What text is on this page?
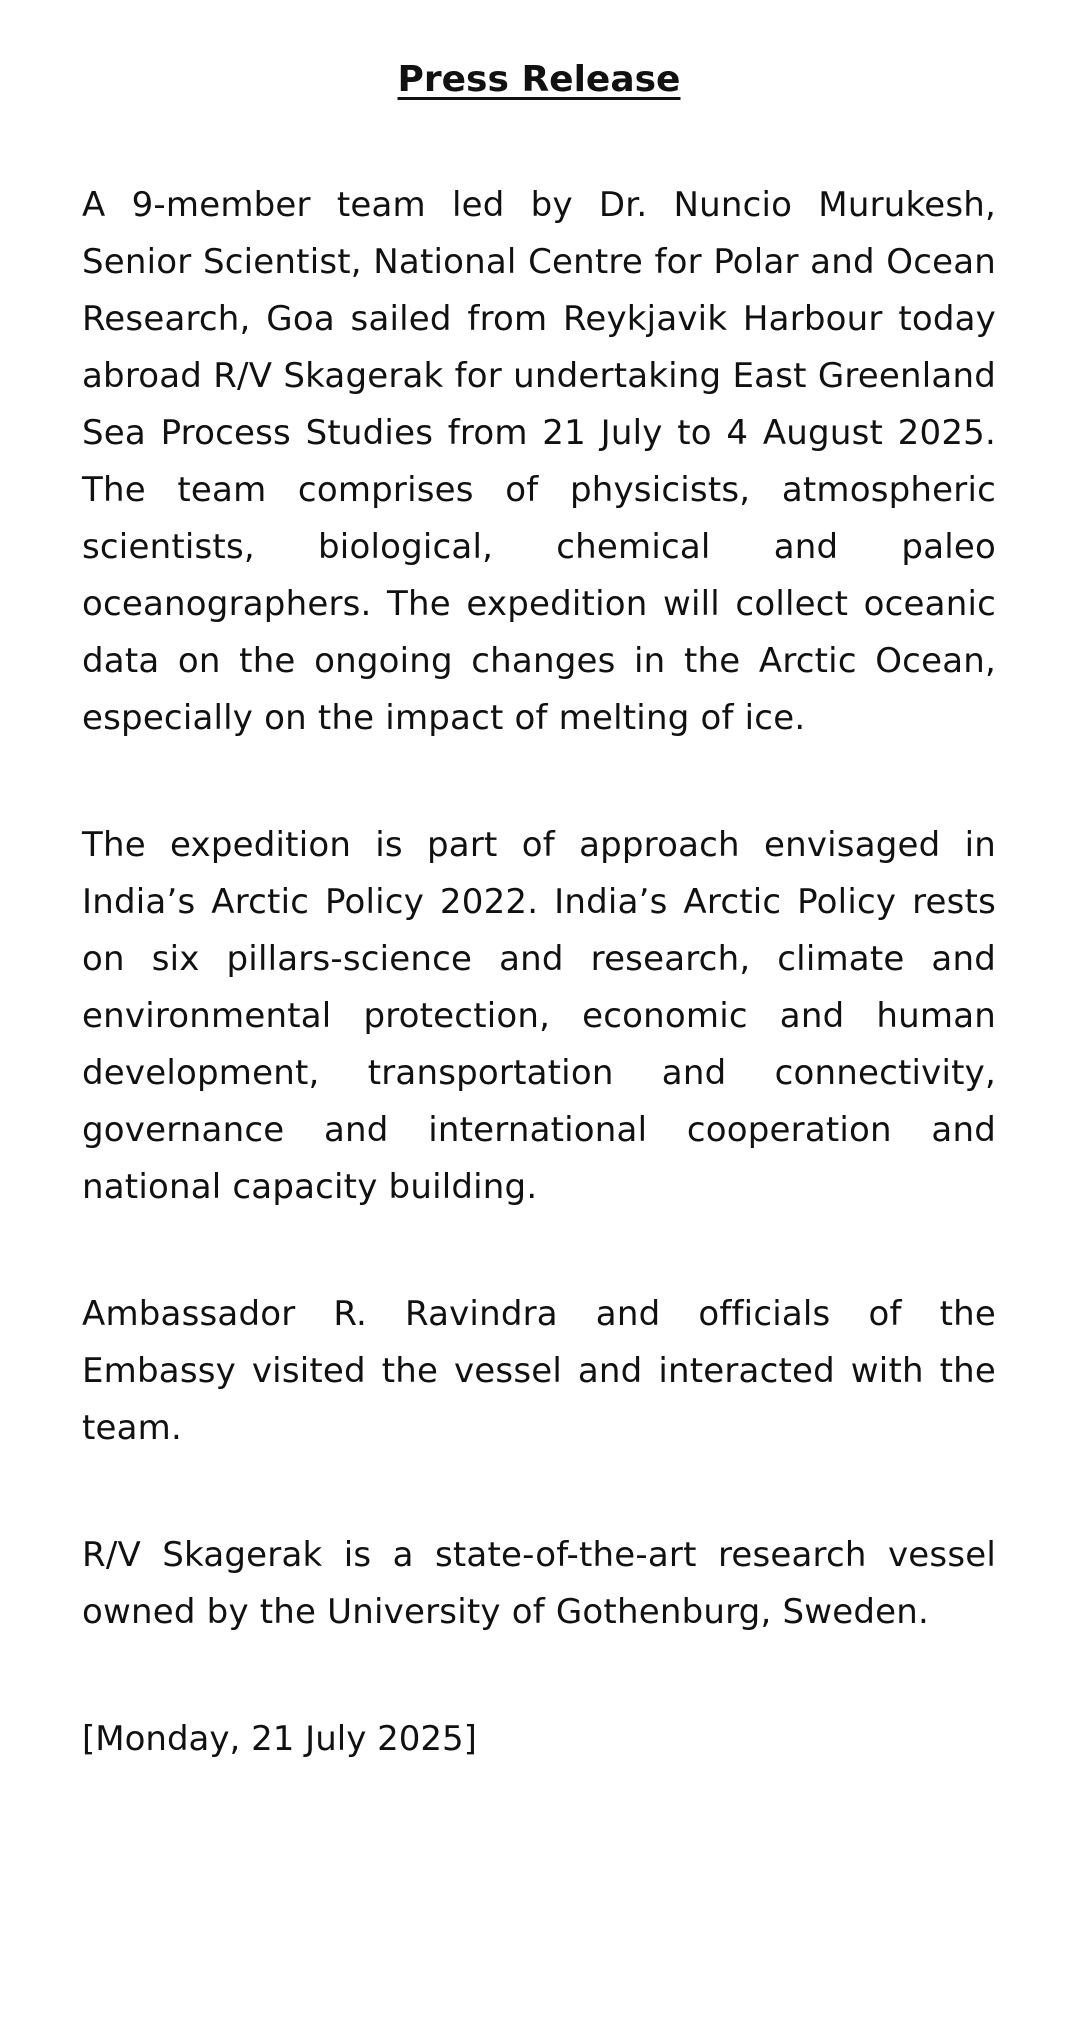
Press Release

A 9-member team led by Dr. Nuncio Murukesh, Senior Scientist, National Centre for Polar and Ocean Research, Goa sailed from Reykjavik Harbour today abroad R/V Skagerak for undertaking East Greenland Sea Process Studies from 21 July to 4 August 2025. The team comprises of physicists, atmospheric scientists, biological, chemical and paleo oceanographers. The expedition will collect oceanic data on the ongoing changes in the Arctic Ocean, especially on the impact of melting of ice.

The expedition is part of approach envisaged in India’s Arctic Policy 2022. India’s Arctic Policy rests on six pillars-science and research, climate and environmental protection, economic and human development, transportation and connectivity, governance and international cooperation and national capacity building.

Ambassador R. Ravindra and officials of the Embassy visited the vessel and interacted with the team.

R/V Skagerak is a state-of-the-art research vessel owned by the University of Gothenburg, Sweden.

[Monday, 21 July 2025]
